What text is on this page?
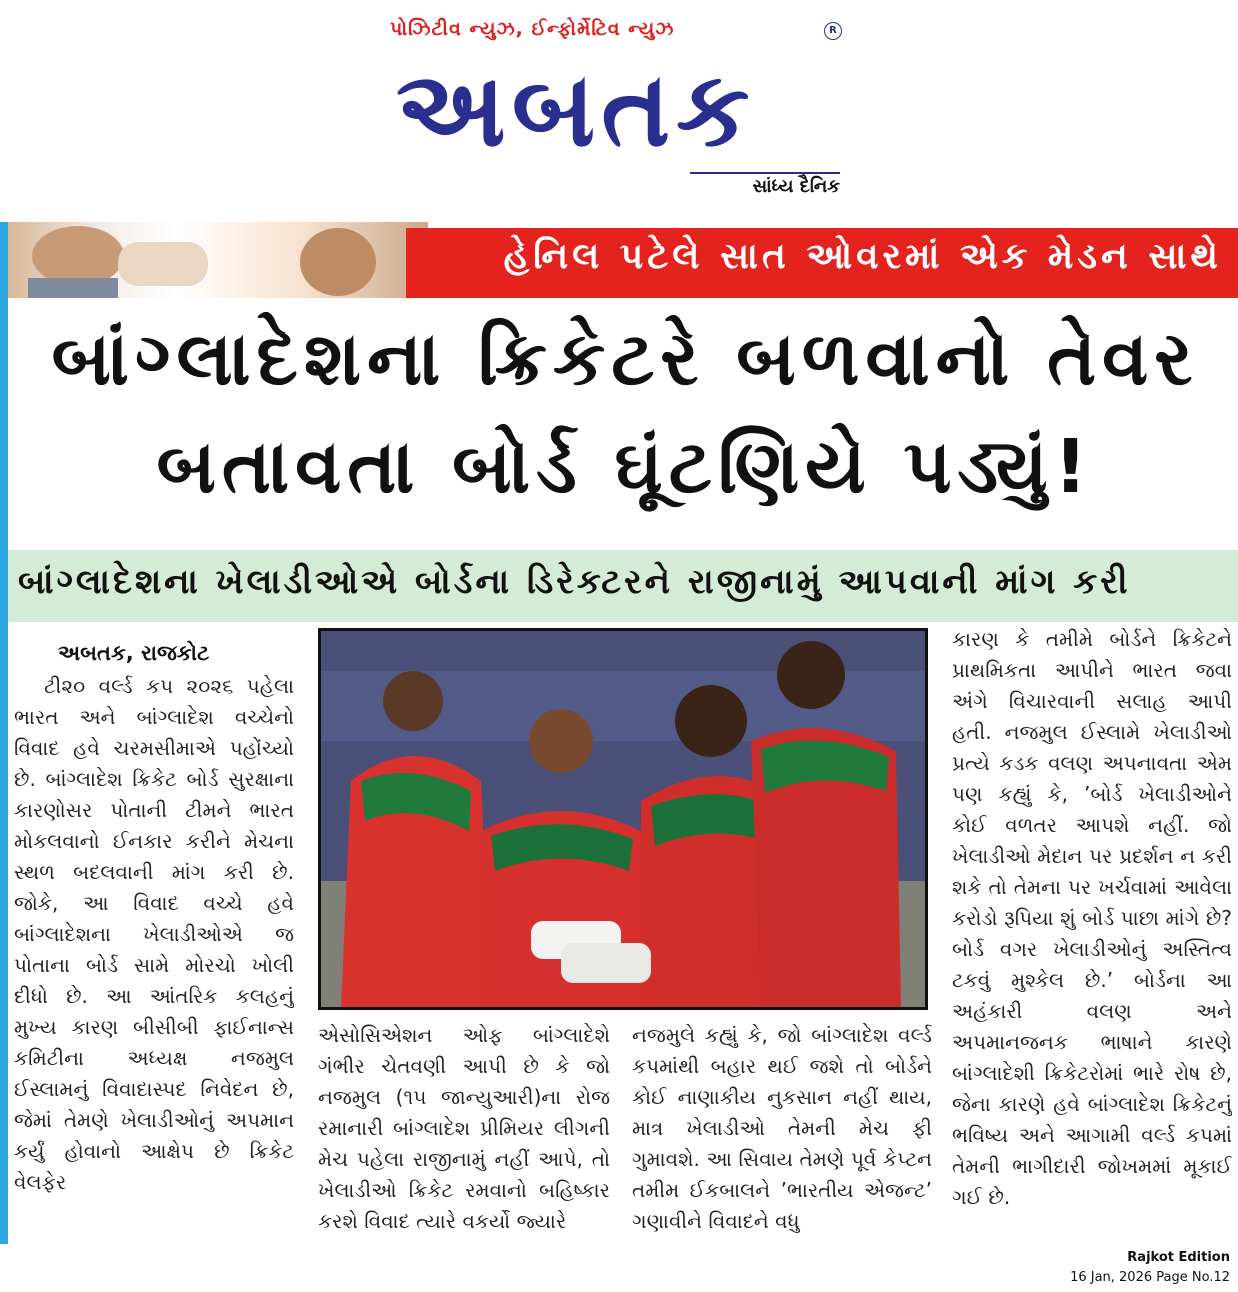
પોઝિટીવ ન્યુઝ, ઈન્ફોર્મેટિવ ન્યુઝ	R
અબતક
સાંધ્ય દૈનિક
હેનિલ પટેલે સાત ઓવરમાં એક મેડન સાથે
બાંગ્લાદેશના ક્રિકેટરે બળવાનો તેવર
બતાવતા બોર્ડ ઘૂંટણિયે પડ્યું!
બાંગ્લાદેશના ખેલાડીઓએ બોર્ડના ડિરેક્ટરને રાજીનામું આપવાની માંગ કરી
અબતક, રાજકોટ

ટી૨૦ વર્લ્ડ કપ ૨૦૨૬ પહેલા ભારત અને બાંગ્લાદેશ વચ્ચેનો વિવાદ હવે ચરમસીમાએ પહોંચ્યો છે. બાંગ્લાદેશ ક્રિકેટ બોર્ડ સુરક્ષાના કારણોસર પોતાની ટીમને ભારત મોકલવાનો ઈનકાર કરીને મેચના સ્થળ બદલવાની માંગ કરી છે. જોકે, આ વિવાદ વચ્ચે હવે બાંગ્લાદેશના ખેલાડીઓએ જ પોતાના બોર્ડ સામે મોરચો ખોલી દીધો છે. આ આંતરિક કલહનું મુખ્ય કારણ બીસીબી ફાઈનાન્સ કમિટીના અધ્યક્ષ નજમુલ ઈસ્લામનું વિવાદાસ્પદ નિવેદન છે, જેમાં તેમણે ખેલાડીઓનું અપમાન કર્યું હોવાનો આક્ષેપ છે ક્રિકેટ વેલફેર

એસોસિએશન ઓફ બાંગ્લાદેશે ગંભીર ચેતવણી આપી છે કે જો નજમુલ (૧૫ જાન્યુઆરી)ના રોજ રમાનારી બાંગ્લાદેશ પ્રીમિયર લીગની મેચ પહેલા રાજીનામું નહીં આપે, તો ખેલાડીઓ ક્રિકેટ રમવાનો બહિષ્કાર કરશે વિવાદ ત્યારે વકર્યો જ્યારે

નજમુલે કહ્યું કે, જો બાંગ્લાદેશ વર્લ્ડ કપમાંથી બહાર થઈ જશે તો બોર્ડને કોઈ નાણાકીય નુકસાન નહીં થાય, માત્ર ખેલાડીઓ તેમની મેચ ફી ગુમાવશે. આ સિવાય તેમણે પૂર્વ કેપ્ટન તમીમ ઈકબાલને ’ભારતીય એજન્ટ’ ગણાવીને વિવાદને વધુ

કારણ કે તમીમે બોર્ડને ક્રિકેટને પ્રાથમિકતા આપીને ભારત જવા અંગે વિચારવાની સલાહ આપી હતી. નજમુલ ઈસ્લામે ખેલાડીઓ પ્રત્યે કડક વલણ અપનાવતા એમ પણ કહ્યું કે, ’બોર્ડ ખેલાડીઓને કોઈ વળતર આપશે નહીં. જો ખેલાડીઓ મેદાન પર પ્રદર્શન ન કરી શકે તો તેમના પર ખર્ચવામાં આવેલા કરોડો રૂપિયા શું બોર્ડ પાછા માંગે છે? બોર્ડ વગર ખેલાડીઓનું અસ્તિત્વ ટકવું મુશ્કેલ છે.’ બોર્ડના આ અહંકારી વલણ અને અપમાનજનક ભાષાને કારણે બાંગ્લાદેશી ક્રિકેટરોમાં ભારે રોષ છે, જેના કારણે હવે બાંગ્લાદેશ ક્રિકેટનું ભવિષ્ય અને આગામી વર્લ્ડ કપમાં તેમની ભાગીદારી જોખમમાં મૂકાઈ ગઈ છે.

Rajkot Edition
16 Jan, 2026 Page No.12
